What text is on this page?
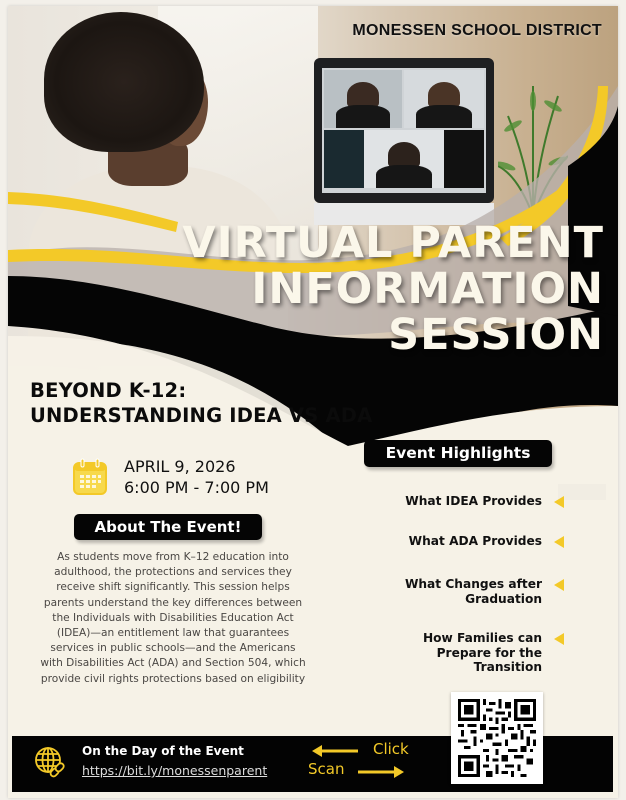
MONESSEN SCHOOL DISTRICT
VIRTUAL PARENT
INFORMATION
SESSION
BEYOND K-12:
UNDERSTANDING IDEA VS ADA
APRIL 9, 2026
6:00 PM - 7:00 PM
About The Event!
As students move from K–12 education into adulthood, the protections and services they receive shift significantly. This session helps parents understand the key differences between the Individuals with Disabilities Education Act (IDEA)—an entitlement law that guarantees services in public schools—and the Americans with Disabilities Act (ADA) and Section 504, which provide civil rights protections based on eligibility
Event Highlights
What IDEA Provides
What ADA Provides
What Changes after Graduation
How Families can Prepare for the Transition
On the Day of the Event
https://bit.ly/monessenparent
Click
Scan
